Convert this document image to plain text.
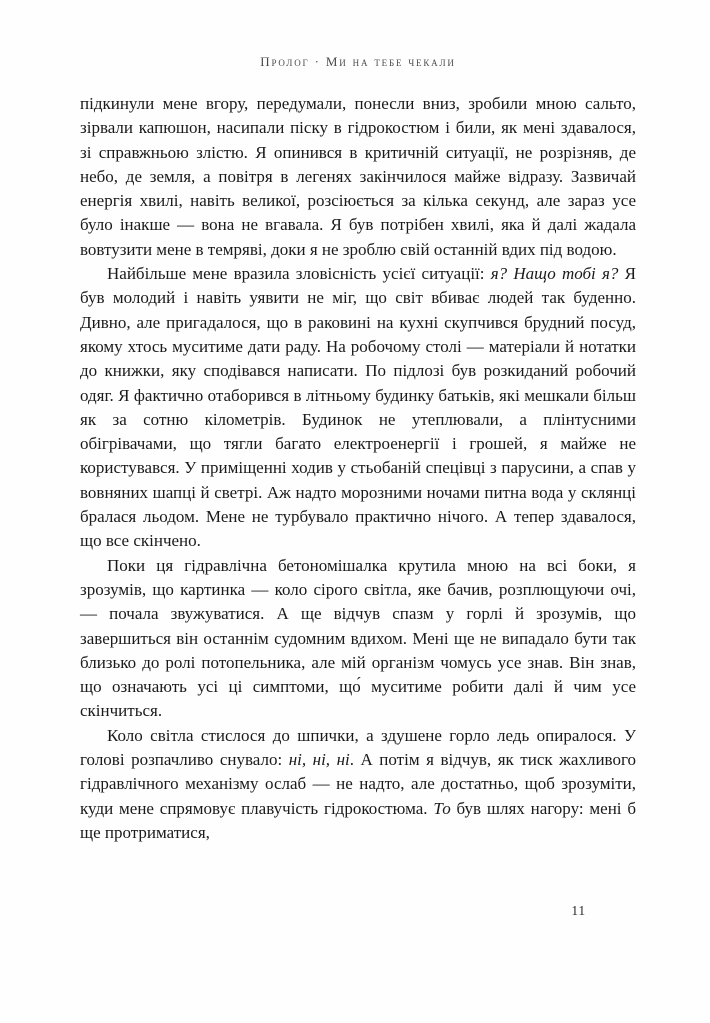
Пролог · Ми на тебе чекали

підкинули мене вгору, передумали, понесли вниз, зробили мною сальто, зірвали капюшон, насипали піску в гідрокостюм і били, як мені здавалося, зі справжньою злістю. Я опинився в критичній ситуації, не розрізняв, де небо, де земля, а повітря в легенях закінчилося майже відразу. Зазвичай енергія хвилі, навіть великої, розсіюється за кілька секунд, але зараз усе було інакше — вона не вгавала. Я був потрібен хвилі, яка й далі жадала вовтузити мене в темряві, доки я не зроблю свій останній вдих під водою.

Найбільше мене вразила зловісність усієї ситуації: я? Нащо тобі я? Я був молодий і навіть уявити не міг, що світ вбиває людей так буденно. Дивно, але пригадалося, що в раковині на кухні скупчився брудний посуд, якому хтось муситиме дати раду. На робочому столі — матеріали й нотатки до книжки, яку сподівався написати. По підлозі був розкиданий робочий одяг. Я фактично отаборився в літньому будинку батьків, які мешкали більш як за сотню кілометрів. Будинок не утеплювали, а плінтусними обігрівачами, що тягли багато електроенергії і грошей, я майже не користувався. У приміщенні ходив у стьобаній спецівці з парусини, а спав у вовняних шапці й светрі. Аж надто морозними ночами питна вода у склянці бралася льодом. Мене не турбувало практично нічого. А тепер здавалося, що все скінчено.

Поки ця гідравлічна бетономішалка крутила мною на всі боки, я зрозумів, що картинка — коло сірого світла, яке бачив, розплющуючи очі, — почала звужуватися. А ще відчув спазм у горлі й зрозумів, що завершиться він останнім судомним вдихом. Мені ще не випадало бути так близько до ролі потопельника, але мій організм чомусь усе знав. Він знав, що означають усі ці симптоми, що́ муситиме робити далі й чим усе скінчиться.

Коло світла стислося до шпички, а здушене горло ледь опиралося. У голові розпачливо снувало: ні, ні, ні. А потім я відчув, як тиск жахливого гідравлічного механізму ослаб — не надто, але достатньо, щоб зрозуміти, куди мене спрямовує плавучість гідрокостюма. То був шлях нагору: мені б ще протриматися,

11
